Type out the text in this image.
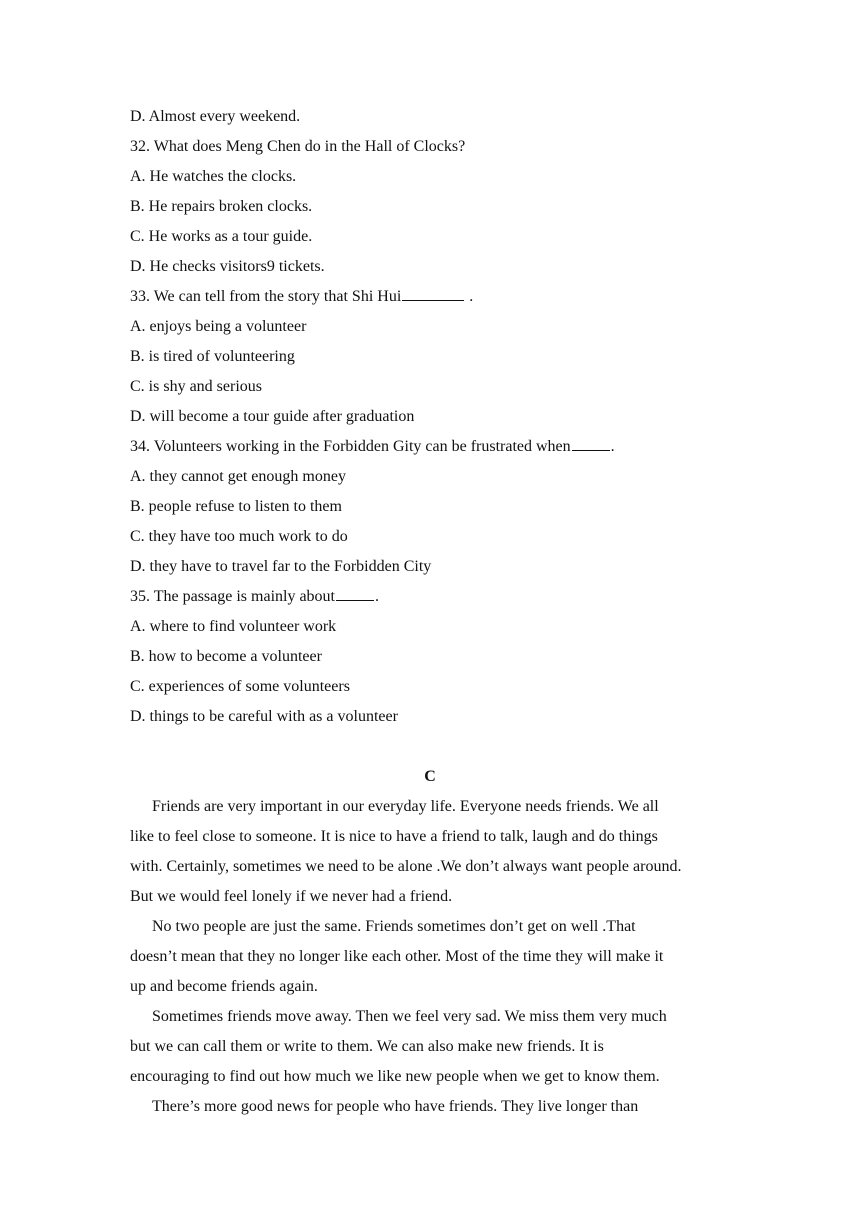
D. Almost every weekend.
32. What does Meng Chen do in the Hall of Clocks?
A. He watches the clocks.
B. He repairs broken clocks.
C. He works as a tour guide.
D. He checks visitors9 tickets.
33. We can tell from the story that Shi Hui	.
A. enjoys being a volunteer
B. is tired of volunteering
C. is shy and serious
D. will become a tour guide after graduation
34. Volunteers working in the Forbidden Gity can be frustrated when	.
A. they cannot get enough money
B. people refuse to listen to them
C. they have too much work to do
D. they have to travel far to the Forbidden City
35. The passage is mainly about	.
A. where to find volunteer work
B. how to become a volunteer
C. experiences of some volunteers
D. things to be careful with as a volunteer
C
Friends are very important in our everyday life. Everyone needs friends. We all
like to feel close to someone. It is nice to have a friend to talk, laugh and do things
with. Certainly, sometimes we need to be alone .We don’t always want people around.
But we would feel lonely if we never had a friend.
No two people are just the same. Friends sometimes don’t get on well .That
doesn’t mean that they no longer like each other. Most of the time they will make it
up and become friends again.
Sometimes friends move away. Then we feel very sad. We miss them very much
but we can call them or write to them. We can also make new friends. It is
encouraging to find out how much we like new people when we get to know them.
There’s more good news for people who have friends. They live longer than
